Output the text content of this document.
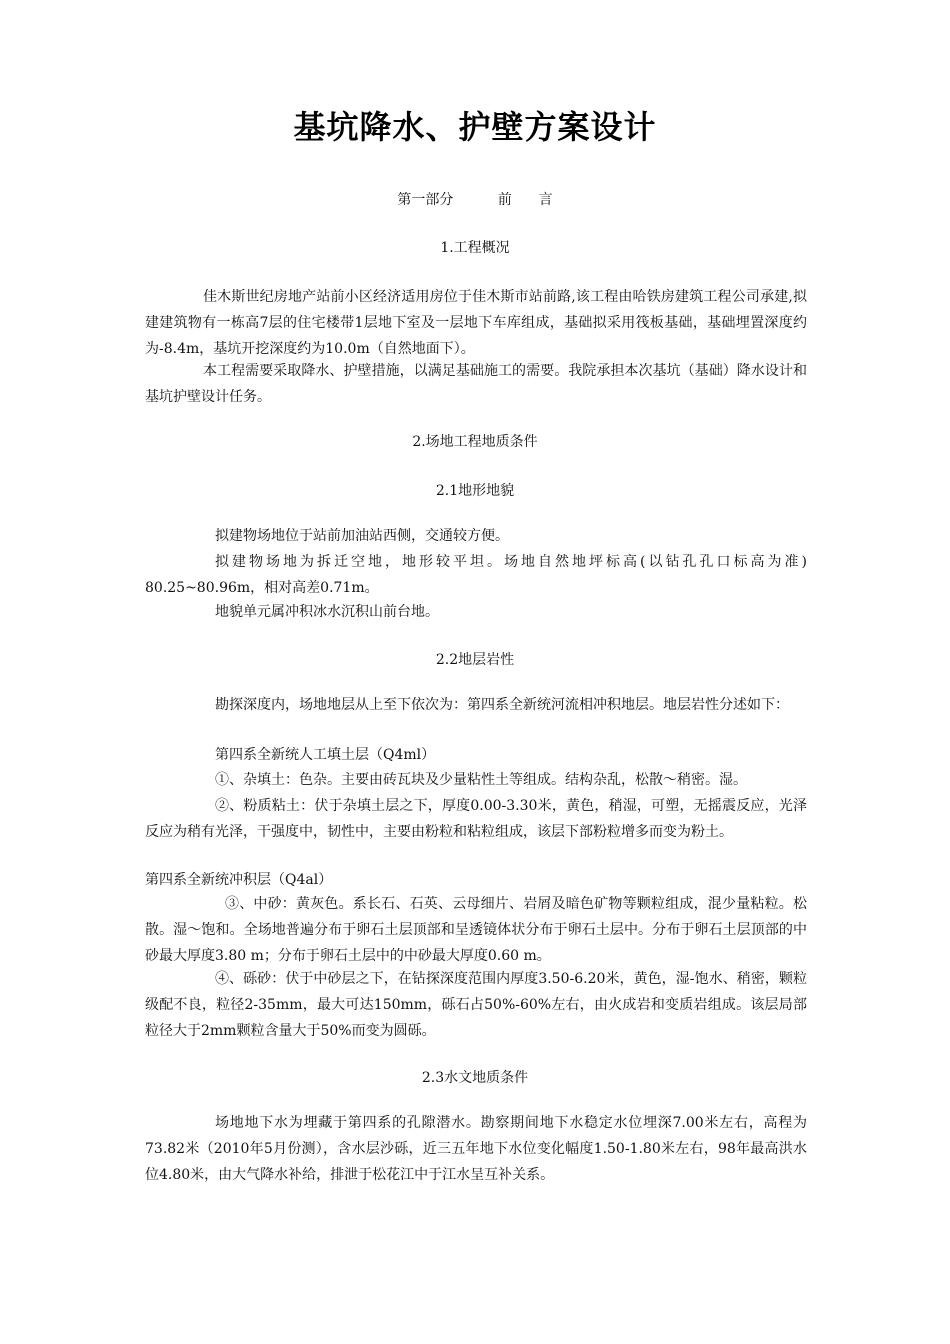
基坑降水、护壁方案设计
第一部分          前      言
1.工程概况

佳木斯世纪房地产站前小区经济适用房位于佳木斯市站前路,该工程由哈铁房建筑工程公司承建,拟建建筑物有一栋高7层的住宅楼带1层地下室及一层地下车库组成，基础拟采用筏板基础，基础埋置深度约为-8.4m，基坑开挖深度约为10.0m（自然地面下）。

本工程需要采取降水、护壁措施，以满足基础施工的需要。我院承担本次基坑（基础）降水设计和基坑护壁设计任务。

2.场地工程地质条件
2.1地形地貌

拟建物场地位于站前加油站西侧，交通较方便。

拟建物场地为拆迁空地，地形较平坦。场地自然地坪标高(以钻孔孔口标高为准) 80.25~80.96m，相对高差0.71m。

地貌单元属冲积冰水沉积山前台地。

2.2地层岩性

勘探深度内，场地地层从上至下依次为：第四系全新统河流相冲积地层。地层岩性分述如下：

第四系全新统人工填土层（Q4ml）

①、杂填土：色杂。主要由砖瓦块及少量粘性土等组成。结构杂乱，松散～稍密。湿。

②、粉质粘土：伏于杂填土层之下，厚度0.00-3.30米，黄色，稍湿，可塑，无摇震反应，光泽反应为稍有光泽，干强度中，韧性中，主要由粉粒和粘粒组成，该层下部粉粒增多而变为粉土。

第四系全新统冲积层（Q4al）

③、中砂：黄灰色。系长石、石英、云母细片、岩屑及暗色矿物等颗粒组成，混少量粘粒。松散。湿～饱和。全场地普遍分布于卵石土层顶部和呈透镜体状分布于卵石土层中。分布于卵石土层顶部的中砂最大厚度3.80 m；分布于卵石土层中的中砂最大厚度0.60 m。

④、砾砂：伏于中砂层之下，在钻探深度范围内厚度3.50-6.20米，黄色，湿-饱水、稍密，颗粒级配不良，粒径2-35mm，最大可达150mm，砾石占50%-60%左右，由火成岩和变质岩组成。该层局部粒径大于2mm颗粒含量大于50%而变为圆砾。

2.3水文地质条件

场地地下水为埋藏于第四系的孔隙潜水。勘察期间地下水稳定水位埋深7.00米左右，高程为73.82米（2010年5月份测），含水层沙砾，近三五年地下水位变化幅度1.50-1.80米左右，98年最高洪水位4.80米，由大气降水补给，排泄于松花江中于江水呈互补关系。
